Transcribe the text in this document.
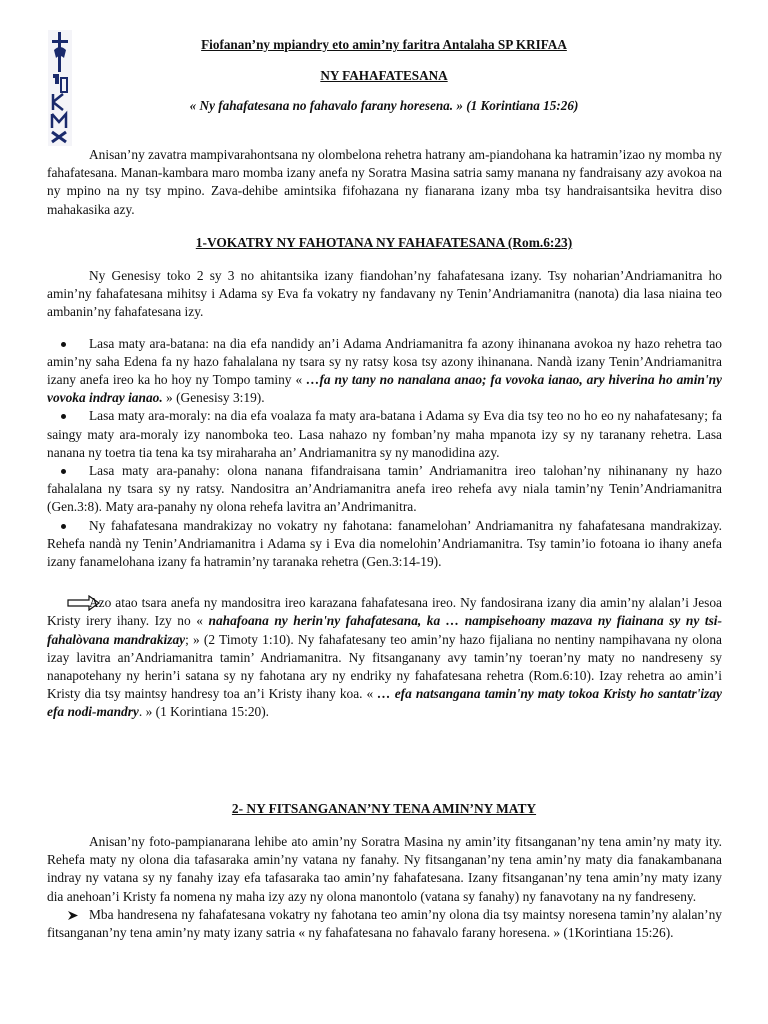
Fiofanan’ny mpiandry eto amin’ny faritra Antalaha SP KRIFAA
NY FAHAFATESANA
« Ny fahafatesana no fahavalo farany horesena. » (1 Korintiana 15:26)

Anisan’ny zavatra mampivarahontsana ny olombelona rehetra hatrany am-piandohana ka hatramin’izao ny momba ny fahafatesana. Manan-kambara maro momba izany anefa ny Soratra Masina satria samy manana ny fandraisany azy avokoa na ny mpino na ny tsy mpino. Zava-dehibe amintsika fifohazana ny fianarana izany mba tsy handraisantsika hevitra diso mahakasika azy.

1-VOKATRY NY FAHOTANA NY FAHAFATESANA (Rom.6:23)

Ny Genesisy toko 2 sy 3 no ahitantsika izany fiandohan’ny fahafatesana izany. Tsy noharian’Andriamanitra ho amin’ny fahafatesana mihitsy i Adama sy Eva fa vokatry ny fandavany ny Tenin’Andriamanitra (nanota) dia lasa niaina teo ambanin’ny fahafatesana izy.

Lasa maty ara-batana: na dia efa nandidy an’i Adama Andriamanitra fa azony ihinanana avokoa ny hazo rehetra tao amin’ny saha Edena fa ny hazo fahalalana ny tsara sy ny ratsy kosa tsy azony ihinanana. Nandà izany Tenin’Andriamanitra izany anefa ireo ka ho hoy ny Tompo taminy « …fa ny tany no nanalana anao; fa vovoka ianao, ary hiverina ho amin'ny vovoka indray ianao. » (Genesisy 3:19).

Lasa maty ara-moraly: na dia efa voalaza fa maty ara-batana i Adama sy Eva dia tsy teo no ho eo ny nahafatesany; fa saingy maty ara-moraly izy nanomboka teo. Lasa nahazo ny fomban’ny maha mpanota izy sy ny taranany rehetra. Lasa nanana ny toetra tia tena ka tsy miraharaha an’ Andriamanitra sy ny manodidina azy.

Lasa maty ara-panahy: olona nanana fifandraisana tamin’ Andriamanitra ireo talohan’ny nihinanany ny hazo fahalalana ny tsara sy ny ratsy. Nandositra an’Andriamanitra anefa ireo rehefa avy niala tamin’ny Tenin’Andriamanitra (Gen.3:8). Maty ara-panahy ny olona rehefa lavitra an’Andrimanitra.

Ny fahafatesana mandrakizay no vokatry ny fahotana: fanamelohan’ Andriamanitra ny fahafatesana mandrakizay. Rehefa nandà ny Tenin’Andriamanitra i Adama sy i Eva dia nomelohin’Andriamanitra. Tsy tamin’io fotoana io ihany anefa izany fanamelohana izany fa hatramin’ny taranaka rehetra (Gen.3:14-19).

Azo atao tsara anefa ny mandositra ireo karazana fahafatesana ireo. Ny fandosirana izany dia amin’ny alalan’i Jesoa Kristy irery ihany. Izy no « nahafoana ny herin'ny fahafatesana, ka … nampisehoany mazava ny fiainana sy ny tsi-fahalòvana mandrakizay; » (2 Timoty 1:10). Ny fahafatesany teo amin’ny hazo fijaliana no nentiny nampihavana ny olona izay lavitra an’Andriamanitra tamin’ Andriamanitra. Ny fitsanganany avy tamin’ny toeran’ny maty no nandreseny sy nanapotehany ny herin’i satana sy ny fahotana ary ny endriky ny fahafatesana rehetra (Rom.6:10). Izay rehetra ao amin’i Kristy dia tsy maintsy handresy toa an’i Kristy ihany koa. « … efa natsangana tamin'ny maty tokoa Kristy ho santatr'izay efa nodi-mandry. » (1 Korintiana 15:20).

2- NY FITSANGANAN’NY TENA AMIN’NY MATY

Anisan’ny foto-pampianarana lehibe ato amin’ny Soratra Masina ny amin’ity fitsanganan’ny tena amin’ny maty ity. Rehefa maty ny olona dia tafasaraka amin’ny vatana ny fanahy. Ny fitsanganan’ny tena amin’ny maty dia fanakambanana indray ny vatana sy ny fanahy izay efa tafasaraka tao amin’ny fahafatesana. Izany fitsanganan’ny tena amin’ny maty izany dia anehoan’i Kristy fa nomena ny maha izy azy ny olona manontolo (vatana sy fanahy) ny fanavotany na ny fandreseny.

Mba handresena ny fahafatesana vokatry ny fahotana teo amin’ny olona dia tsy maintsy noresena tamin’ny alalan’ny fitsanganan’ny tena amin’ny maty izany satria « ny fahafatesana no fahavalo farany horesena. » (1Korintiana 15:26).
